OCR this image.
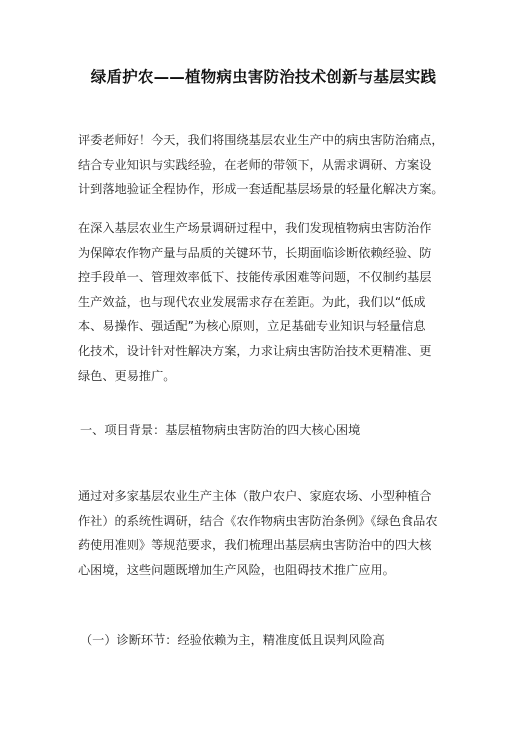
绿盾护农——植物病虫害防治技术创新与基层实践
评委老师好！今天，我们将围绕基层农业生产中的病虫害防治痛点，
结合专业知识与实践经验，在老师的带领下，从需求调研、方案设
计到落地验证全程协作，形成一套适配基层场景的轻量化解决方案。
在深入基层农业生产场景调研过程中，我们发现植物病虫害防治作
为保障农作物产量与品质的关键环节，长期面临诊断依赖经验、防
控手段单一、管理效率低下、技能传承困难等问题，不仅制约基层
生产效益，也与现代农业发展需求存在差距。为此，我们以“低成
本、易操作、强适配”为核心原则，立足基础专业知识与轻量信息
化技术，设计针对性解决方案，力求让病虫害防治技术更精准、更
绿色、更易推广。
一、项目背景：基层植物病虫害防治的四大核心困境
通过对多家基层农业生产主体（散户农户、家庭农场、小型种植合
作社）的系统性调研，结合《农作物病虫害防治条例》《绿色食品农
药使用准则》等规范要求，我们梳理出基层病虫害防治中的四大核
心困境，这些问题既增加生产风险，也阻碍技术推广应用。
（一）诊断环节：经验依赖为主，精准度低且误判风险高
